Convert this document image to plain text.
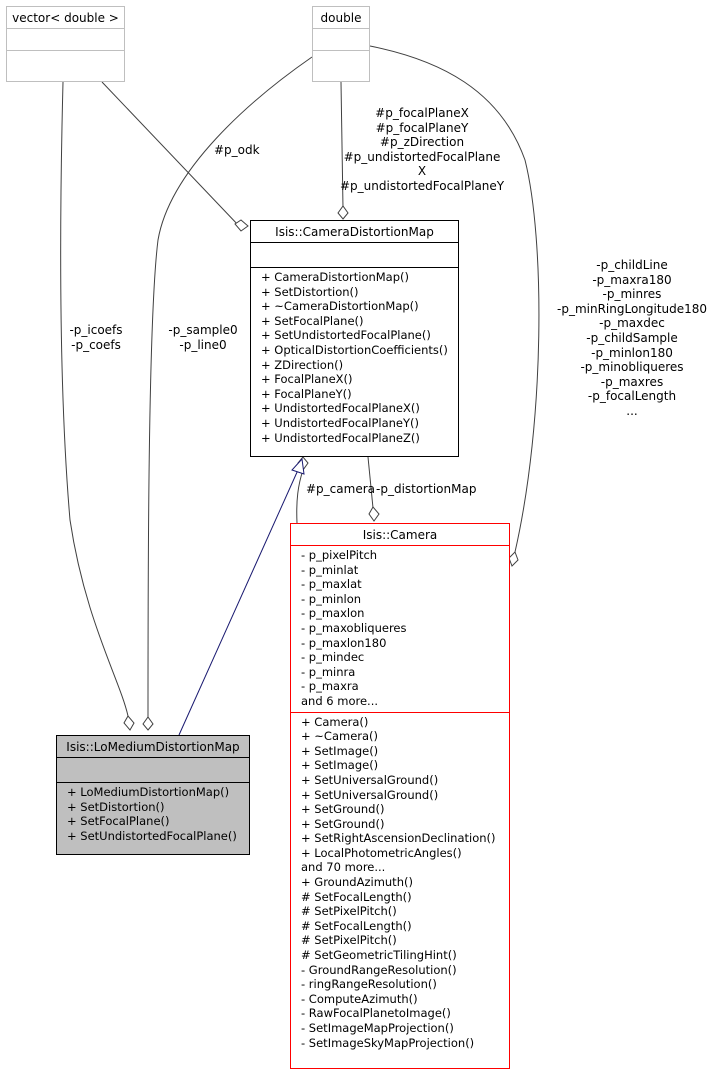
vector< double >	double
Isis::CameraDistortionMap
+ CameraDistortionMap()
+ SetDistortion()
+ ~CameraDistortionMap()
+ SetFocalPlane()
+ SetUndistortedFocalPlane()
+ OpticalDistortionCoefficients()
+ ZDirection()
+ FocalPlaneX()
+ FocalPlaneY()
+ UndistortedFocalPlaneX()
+ UndistortedFocalPlaneY()
+ UndistortedFocalPlaneZ()
Isis::Camera
- p_pixelPitch
- p_minlat
- p_maxlat
- p_minlon
- p_maxlon
- p_maxobliqueres
- p_maxlon180
- p_mindec
- p_minra
- p_maxra
and 6 more...
+ Camera()
+ ~Camera()
+ SetImage()
+ SetImage()
+ SetUniversalGround()
+ SetUniversalGround()
+ SetGround()
+ SetGround()
+ SetRightAscensionDeclination()
+ LocalPhotometricAngles()
and 70 more...
+ GroundAzimuth()
# SetFocalLength()
# SetPixelPitch()
# SetFocalLength()
# SetPixelPitch()
# SetGeometricTilingHint()
- GroundRangeResolution()
- ringRangeResolution()
- ComputeAzimuth()
- RawFocalPlanetoImage()
- SetImageMapProjection()
- SetImageSkyMapProjection()
Isis::LoMediumDistortionMap
+ LoMediumDistortionMap()
+ SetDistortion()
+ SetFocalPlane()
+ SetUndistortedFocalPlane()
#p_odk
#p_focalPlaneX
#p_focalPlaneY
#p_zDirection
#p_undistortedFocalPlane
X
#p_undistortedFocalPlaneY
-p_childLine
-p_maxra180
-p_minres
-p_minRingLongitude180
-p_maxdec
-p_childSample
-p_minlon180
-p_minobliqueres
-p_maxres
-p_focalLength
...
-p_icoefs
-p_coefs
-p_sample0
-p_line0
#p_camera -p_distortionMap
